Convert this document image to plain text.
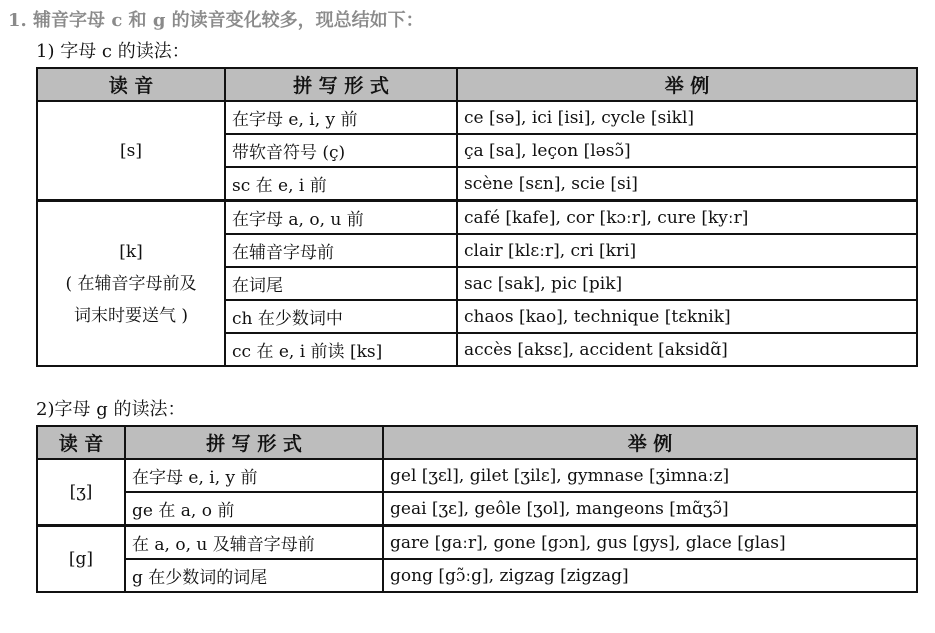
1. 辅音字母 c 和 g 的读音变化较多，现总结如下：
1) 字母 c 的读法：
读 音	拼 写 形 式	举 例
[s]	在字母 e, i, y 前	ce [sə], ici [isi], cycle [sikl]
	带软音符号 (ç)	ça [sa], leçon [ləsɔ̃]
	sc 在 e, i 前	scène [sɛn], scie [si]

[k]
( 在辅音字母前及
词末时要送气 )	在字母 a, o, u 前	café [kafe], cor [kɔːr], cure [kyːr]
	在辅音字母前	clair [klɛːr], cri [kri]
	在词尾	sac [sak], pic [pik]
	ch 在少数词中	chaos [kao], technique [tɛknik]
	cc 在 e, i 前读 [ks]	accès [aksɛ], accident [aksidɑ̃]
2)字母 g 的读法：
读 音	拼 写 形 式	举 例
[ʒ]	在字母 e, i, y 前	gel [ʒɛl], gilet [ʒilɛ], gymnase [ʒimnaːz]
	ge 在 a, o 前	geai [ʒɛ], geôle [ʒol], mangeons [mɑ̃ʒɔ̃]
[g]	在 a, o, u 及辅音字母前	gare [gaːr], gone [gɔn], gus [gys], glace [glas]
	g 在少数词的词尾	gong [gɔ̃ːg], zigzag [zigzag]
